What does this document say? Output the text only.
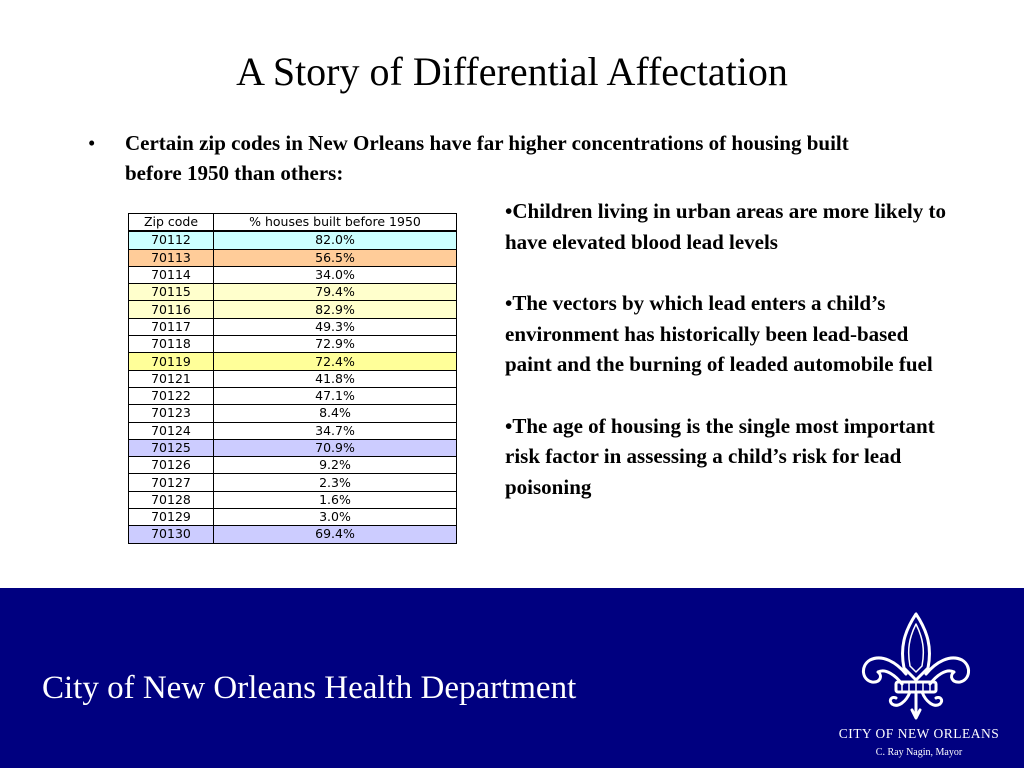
A Story of Differential Affectation
• Certain zip codes in New Orleans have far higher concentrations of housing built before 1950 than others:
Zip code	% houses built before 1950
70112	82.0%
70113	56.5%
70114	34.0%
70115	79.4%
70116	82.9%
70117	49.3%
70118	72.9%
70119	72.4%
70121	41.8%
70122	47.1%
70123	8.4%
70124	34.7%
70125	70.9%
70126	9.2%
70127	2.3%
70128	1.6%
70129	3.0%
70130	69.4%

•Children living in urban areas are more likely to have elevated blood lead levels

•The vectors by which lead enters a child’s environment has historically been lead-based paint and the burning of leaded automobile fuel

•The age of housing is the single most important risk factor in assessing a child’s risk for lead poisoning

City of New Orleans Health Department
CITY OF NEW ORLEANS
C. Ray Nagin, Mayor
